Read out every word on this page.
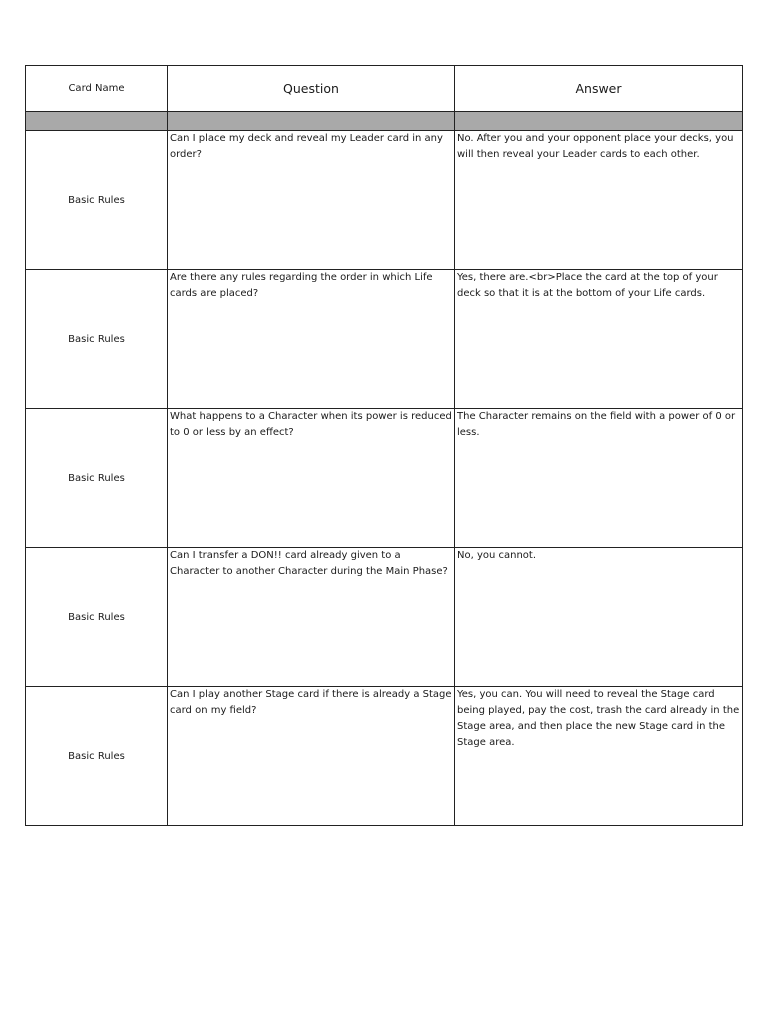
Card Name	Question	Answer

Basic Rules	Can I place my deck and reveal my Leader card in any order?	No. After you and your opponent place your decks, you will then reveal your Leader cards to each other.
Basic Rules	Are there any rules regarding the order in which Life cards are placed?	Yes, there are.<br>Place the card at the top of your deck so that it is at the bottom of your Life cards.
Basic Rules	What happens to a Character when its power is reduced to 0 or less by an effect?	The Character remains on the field with a power of 0 or less.
Basic Rules	Can I transfer a DON!! card already given to a Character to another Character during the Main Phase?	No, you cannot.
Basic Rules	Can I play another Stage card if there is already a Stage card on my field?	Yes, you can. You will need to reveal the Stage card being played, pay the cost, trash the card already in the Stage area, and then place the new Stage card in the Stage area.
